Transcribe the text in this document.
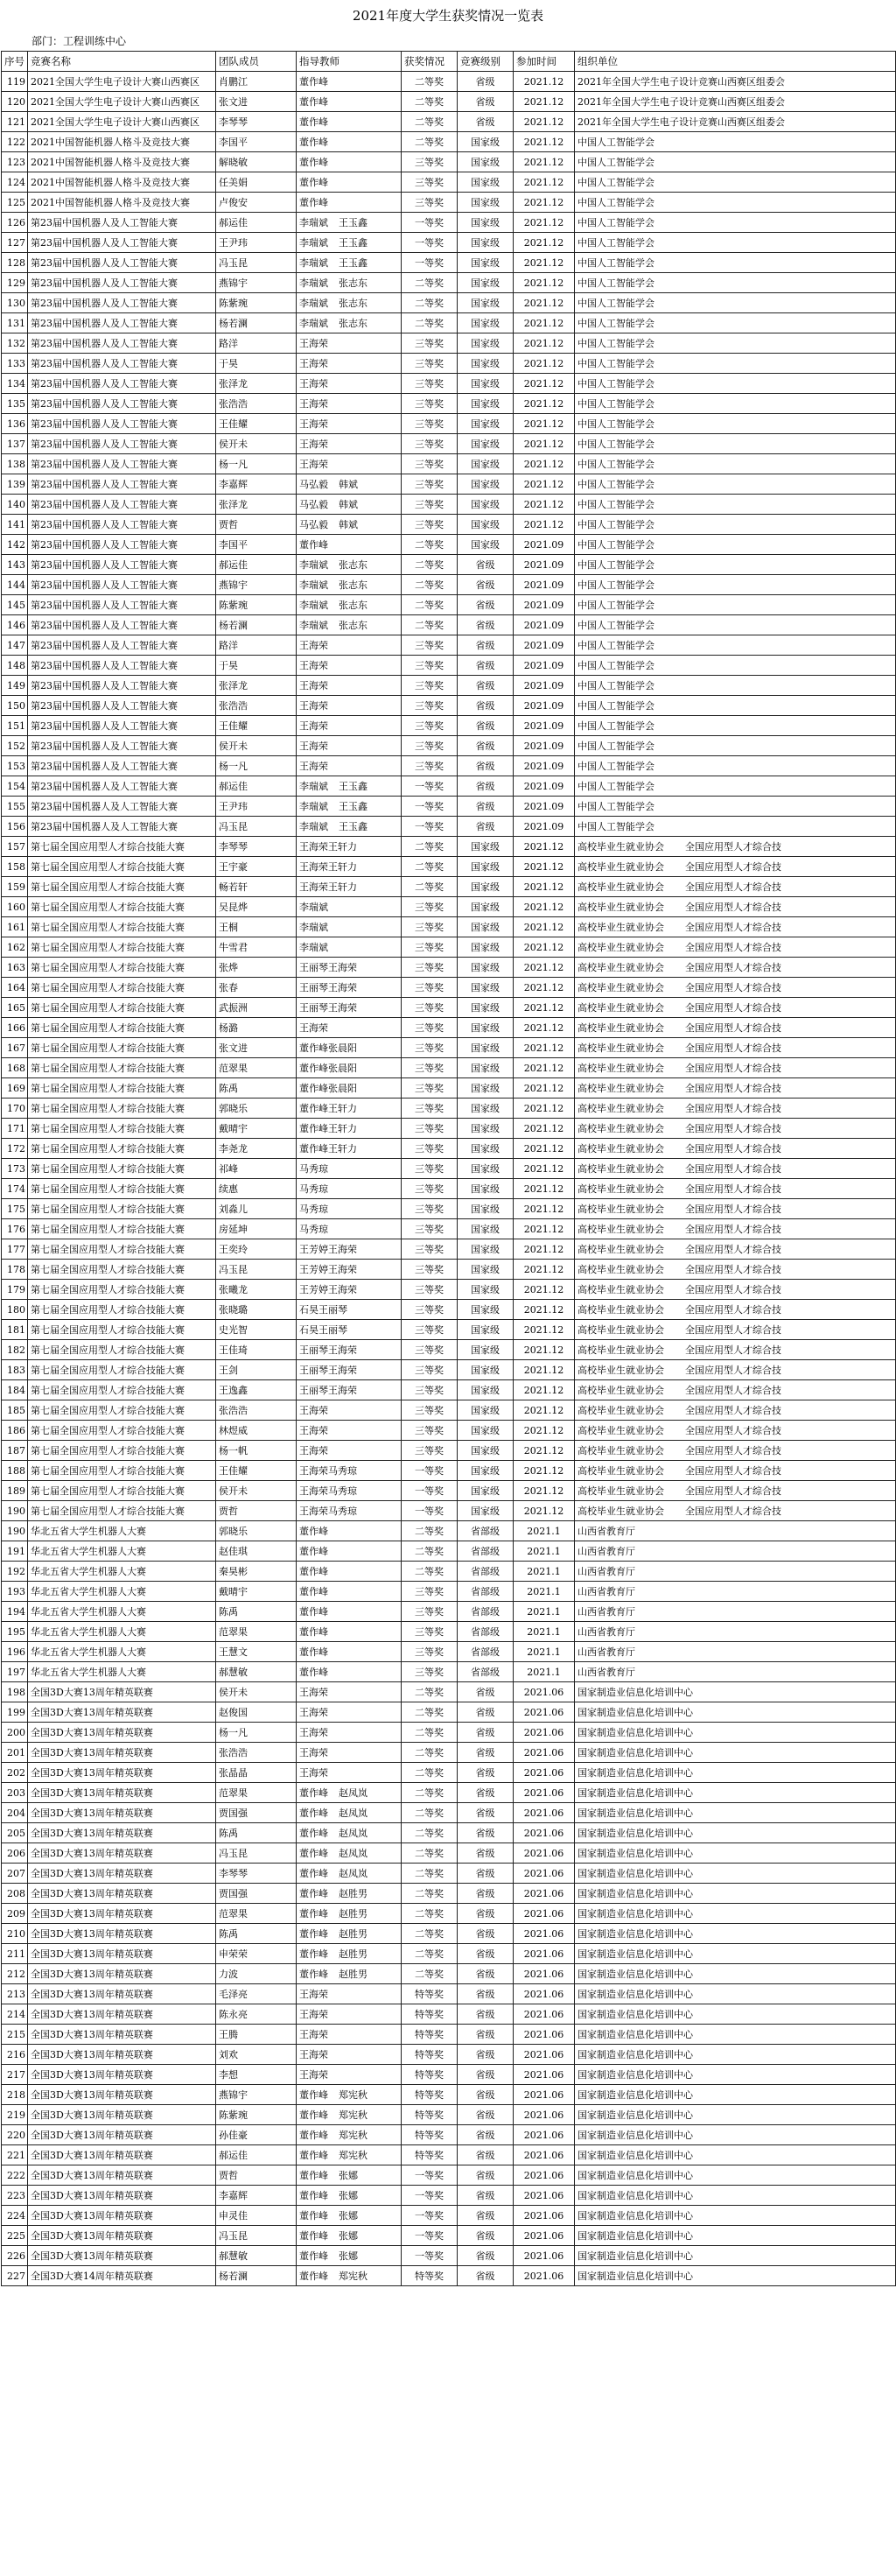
2021年度大学生获奖情况一览表
部门：工程训练中心
序号	竞赛名称	团队成员	指导教师	获奖情况	竞赛级别	参加时间	组织单位
119	2021全国大学生电子设计大赛山西赛区	肖鹏江	董作峰	二等奖	省级	2021.12	2021年全国大学生电子设计竞赛山西赛区组委会
120	2021全国大学生电子设计大赛山西赛区	张文进	董作峰	二等奖	省级	2021.12	2021年全国大学生电子设计竞赛山西赛区组委会
121	2021全国大学生电子设计大赛山西赛区	李琴琴	董作峰	二等奖	省级	2021.12	2021年全国大学生电子设计竞赛山西赛区组委会
122	2021中国智能机器人格斗及竞技大赛	李国平	董作峰	二等奖	国家级	2021.12	中国人工智能学会
123	2021中国智能机器人格斗及竞技大赛	解晓敏	董作峰	三等奖	国家级	2021.12	中国人工智能学会
124	2021中国智能机器人格斗及竞技大赛	任美娟	董作峰	三等奖	国家级	2021.12	中国人工智能学会
125	2021中国智能机器人格斗及竞技大赛	卢俊安	董作峰	三等奖	国家级	2021.12	中国人工智能学会
126	第23届中国机器人及人工智能大赛	郝运佳	李瑞斌 王玉鑫	一等奖	国家级	2021.12	中国人工智能学会
127	第23届中国机器人及人工智能大赛	王尹玮	李瑞斌 王玉鑫	一等奖	国家级	2021.12	中国人工智能学会
128	第23届中国机器人及人工智能大赛	冯玉昆	李瑞斌 王玉鑫	一等奖	国家级	2021.12	中国人工智能学会
129	第23届中国机器人及人工智能大赛	燕锦宇	李瑞斌 张志东	二等奖	国家级	2021.12	中国人工智能学会
130	第23届中国机器人及人工智能大赛	陈紫琬	李瑞斌 张志东	二等奖	国家级	2021.12	中国人工智能学会
131	第23届中国机器人及人工智能大赛	杨若澜	李瑞斌 张志东	二等奖	国家级	2021.12	中国人工智能学会
132	第23届中国机器人及人工智能大赛	路洋	王海荣	三等奖	国家级	2021.12	中国人工智能学会
133	第23届中国机器人及人工智能大赛	于昊	王海荣	三等奖	国家级	2021.12	中国人工智能学会
134	第23届中国机器人及人工智能大赛	张泽龙	王海荣	三等奖	国家级	2021.12	中国人工智能学会
135	第23届中国机器人及人工智能大赛	张浩浩	王海荣	三等奖	国家级	2021.12	中国人工智能学会
136	第23届中国机器人及人工智能大赛	王佳耀	王海荣	三等奖	国家级	2021.12	中国人工智能学会
137	第23届中国机器人及人工智能大赛	侯开未	王海荣	三等奖	国家级	2021.12	中国人工智能学会
138	第23届中国机器人及人工智能大赛	杨一凡	王海荣	三等奖	国家级	2021.12	中国人工智能学会
139	第23届中国机器人及人工智能大赛	李嘉辉	马弘毅 韩斌	三等奖	国家级	2021.12	中国人工智能学会
140	第23届中国机器人及人工智能大赛	张泽龙	马弘毅 韩斌	三等奖	国家级	2021.12	中国人工智能学会
141	第23届中国机器人及人工智能大赛	贾哲	马弘毅 韩斌	三等奖	国家级	2021.12	中国人工智能学会
142	第23届中国机器人及人工智能大赛	李国平	董作峰	二等奖	国家级	2021.09	中国人工智能学会
143	第23届中国机器人及人工智能大赛	郝运佳	李瑞斌 张志东	二等奖	省级	2021.09	中国人工智能学会
144	第23届中国机器人及人工智能大赛	燕锦宇	李瑞斌 张志东	二等奖	省级	2021.09	中国人工智能学会
145	第23届中国机器人及人工智能大赛	陈紫琬	李瑞斌 张志东	二等奖	省级	2021.09	中国人工智能学会
146	第23届中国机器人及人工智能大赛	杨若澜	李瑞斌 张志东	二等奖	省级	2021.09	中国人工智能学会
147	第23届中国机器人及人工智能大赛	路洋	王海荣	三等奖	省级	2021.09	中国人工智能学会
148	第23届中国机器人及人工智能大赛	于昊	王海荣	三等奖	省级	2021.09	中国人工智能学会
149	第23届中国机器人及人工智能大赛	张泽龙	王海荣	三等奖	省级	2021.09	中国人工智能学会
150	第23届中国机器人及人工智能大赛	张浩浩	王海荣	三等奖	省级	2021.09	中国人工智能学会
151	第23届中国机器人及人工智能大赛	王佳耀	王海荣	三等奖	省级	2021.09	中国人工智能学会
152	第23届中国机器人及人工智能大赛	侯开未	王海荣	三等奖	省级	2021.09	中国人工智能学会
153	第23届中国机器人及人工智能大赛	杨一凡	王海荣	三等奖	省级	2021.09	中国人工智能学会
154	第23届中国机器人及人工智能大赛	郝运佳	李瑞斌 王玉鑫	一等奖	省级	2021.09	中国人工智能学会
155	第23届中国机器人及人工智能大赛	王尹玮	李瑞斌 王玉鑫	一等奖	省级	2021.09	中国人工智能学会
156	第23届中国机器人及人工智能大赛	冯玉昆	李瑞斌 王玉鑫	一等奖	省级	2021.09	中国人工智能学会
157	第七届全国应用型人才综合技能大赛	李琴琴	王海荣王轩力	二等奖	国家级	2021.12	高校毕业生就业协会 全国应用型人才综合技
158	第七届全国应用型人才综合技能大赛	王宇豪	王海荣王轩力	二等奖	国家级	2021.12	高校毕业生就业协会 全国应用型人才综合技
159	第七届全国应用型人才综合技能大赛	畅若轩	王海荣王轩力	二等奖	国家级	2021.12	高校毕业生就业协会 全国应用型人才综合技
160	第七届全国应用型人才综合技能大赛	吴昆烨	李瑞斌	三等奖	国家级	2021.12	高校毕业生就业协会 全国应用型人才综合技
161	第七届全国应用型人才综合技能大赛	王桐	李瑞斌	三等奖	国家级	2021.12	高校毕业生就业协会 全国应用型人才综合技
162	第七届全国应用型人才综合技能大赛	牛雪君	李瑞斌	三等奖	国家级	2021.12	高校毕业生就业协会 全国应用型人才综合技
163	第七届全国应用型人才综合技能大赛	张烨	王丽琴王海荣	三等奖	国家级	2021.12	高校毕业生就业协会 全国应用型人才综合技
164	第七届全国应用型人才综合技能大赛	张春	王丽琴王海荣	三等奖	国家级	2021.12	高校毕业生就业协会 全国应用型人才综合技
165	第七届全国应用型人才综合技能大赛	武振洲	王丽琴王海荣	三等奖	国家级	2021.12	高校毕业生就业协会 全国应用型人才综合技
166	第七届全国应用型人才综合技能大赛	杨潞	王海荣	三等奖	国家级	2021.12	高校毕业生就业协会 全国应用型人才综合技
167	第七届全国应用型人才综合技能大赛	张文进	董作峰张晨阳	三等奖	国家级	2021.12	高校毕业生就业协会 全国应用型人才综合技
168	第七届全国应用型人才综合技能大赛	范翠果	董作峰张晨阳	三等奖	国家级	2021.12	高校毕业生就业协会 全国应用型人才综合技
169	第七届全国应用型人才综合技能大赛	陈禹	董作峰张晨阳	三等奖	国家级	2021.12	高校毕业生就业协会 全国应用型人才综合技
170	第七届全国应用型人才综合技能大赛	郭晓乐	董作峰王轩力	三等奖	国家级	2021.12	高校毕业生就业协会 全国应用型人才综合技
171	第七届全国应用型人才综合技能大赛	戴晴宇	董作峰王轩力	三等奖	国家级	2021.12	高校毕业生就业协会 全国应用型人才综合技
172	第七届全国应用型人才综合技能大赛	李尧龙	董作峰王轩力	三等奖	国家级	2021.12	高校毕业生就业协会 全国应用型人才综合技
173	第七届全国应用型人才综合技能大赛	祁峰	马秀琼	三等奖	国家级	2021.12	高校毕业生就业协会 全国应用型人才综合技
174	第七届全国应用型人才综合技能大赛	续惠	马秀琼	三等奖	国家级	2021.12	高校毕业生就业协会 全国应用型人才综合技
175	第七届全国应用型人才综合技能大赛	刘淼儿	马秀琼	三等奖	国家级	2021.12	高校毕业生就业协会 全国应用型人才综合技
176	第七届全国应用型人才综合技能大赛	房延坤	马秀琼	三等奖	国家级	2021.12	高校毕业生就业协会 全国应用型人才综合技
177	第七届全国应用型人才综合技能大赛	王奕玲	王芳婷王海荣	三等奖	国家级	2021.12	高校毕业生就业协会 全国应用型人才综合技
178	第七届全国应用型人才综合技能大赛	冯玉昆	王芳婷王海荣	三等奖	国家级	2021.12	高校毕业生就业协会 全国应用型人才综合技
179	第七届全国应用型人才综合技能大赛	张曦龙	王芳婷王海荣	三等奖	国家级	2021.12	高校毕业生就业协会 全国应用型人才综合技
180	第七届全国应用型人才综合技能大赛	张晓璐	石昊王丽琴	三等奖	国家级	2021.12	高校毕业生就业协会 全国应用型人才综合技
181	第七届全国应用型人才综合技能大赛	史光智	石昊王丽琴	三等奖	国家级	2021.12	高校毕业生就业协会 全国应用型人才综合技
182	第七届全国应用型人才综合技能大赛	王佳琦	王丽琴王海荣	三等奖	国家级	2021.12	高校毕业生就业协会 全国应用型人才综合技
183	第七届全国应用型人才综合技能大赛	王剑	王丽琴王海荣	三等奖	国家级	2021.12	高校毕业生就业协会 全国应用型人才综合技
184	第七届全国应用型人才综合技能大赛	王逸鑫	王丽琴王海荣	三等奖	国家级	2021.12	高校毕业生就业协会 全国应用型人才综合技
185	第七届全国应用型人才综合技能大赛	张浩浩	王海荣	三等奖	国家级	2021.12	高校毕业生就业协会 全国应用型人才综合技
186	第七届全国应用型人才综合技能大赛	林煜威	王海荣	三等奖	国家级	2021.12	高校毕业生就业协会 全国应用型人才综合技
187	第七届全国应用型人才综合技能大赛	杨一帆	王海荣	三等奖	国家级	2021.12	高校毕业生就业协会 全国应用型人才综合技
188	第七届全国应用型人才综合技能大赛	王佳耀	王海荣马秀琼	一等奖	国家级	2021.12	高校毕业生就业协会 全国应用型人才综合技
189	第七届全国应用型人才综合技能大赛	侯开未	王海荣马秀琼	一等奖	国家级	2021.12	高校毕业生就业协会 全国应用型人才综合技
190	第七届全国应用型人才综合技能大赛	贾哲	王海荣马秀琼	一等奖	国家级	2021.12	高校毕业生就业协会 全国应用型人才综合技
190	华北五省大学生机器人大赛	郭晓乐	董作峰	二等奖	省部级	2021.1	山西省教育厅
191	华北五省大学生机器人大赛	赵佳琪	董作峰	二等奖	省部级	2021.1	山西省教育厅
192	华北五省大学生机器人大赛	秦昊彬	董作峰	二等奖	省部级	2021.1	山西省教育厅
193	华北五省大学生机器人大赛	戴晴宇	董作峰	三等奖	省部级	2021.1	山西省教育厅
194	华北五省大学生机器人大赛	陈禹	董作峰	三等奖	省部级	2021.1	山西省教育厅
195	华北五省大学生机器人大赛	范翠果	董作峰	三等奖	省部级	2021.1	山西省教育厅
196	华北五省大学生机器人大赛	王慧文	董作峰	三等奖	省部级	2021.1	山西省教育厅
197	华北五省大学生机器人大赛	郝慧敏	董作峰	三等奖	省部级	2021.1	山西省教育厅
198	全国3D大赛13周年精英联赛	侯开未	王海荣	二等奖	省级	2021.06	国家制造业信息化培训中心
199	全国3D大赛13周年精英联赛	赵俊国	王海荣	二等奖	省级	2021.06	国家制造业信息化培训中心
200	全国3D大赛13周年精英联赛	杨一凡	王海荣	二等奖	省级	2021.06	国家制造业信息化培训中心
201	全国3D大赛13周年精英联赛	张浩浩	王海荣	二等奖	省级	2021.06	国家制造业信息化培训中心
202	全国3D大赛13周年精英联赛	张晶晶	王海荣	二等奖	省级	2021.06	国家制造业信息化培训中心
203	全国3D大赛13周年精英联赛	范翠果	董作峰 赵凤岚	二等奖	省级	2021.06	国家制造业信息化培训中心
204	全国3D大赛13周年精英联赛	贾国强	董作峰 赵凤岚	二等奖	省级	2021.06	国家制造业信息化培训中心
205	全国3D大赛13周年精英联赛	陈禹	董作峰 赵凤岚	二等奖	省级	2021.06	国家制造业信息化培训中心
206	全国3D大赛13周年精英联赛	冯玉昆	董作峰 赵凤岚	二等奖	省级	2021.06	国家制造业信息化培训中心
207	全国3D大赛13周年精英联赛	李琴琴	董作峰 赵凤岚	二等奖	省级	2021.06	国家制造业信息化培训中心
208	全国3D大赛13周年精英联赛	贾国强	董作峰 赵胜男	二等奖	省级	2021.06	国家制造业信息化培训中心
209	全国3D大赛13周年精英联赛	范翠果	董作峰 赵胜男	二等奖	省级	2021.06	国家制造业信息化培训中心
210	全国3D大赛13周年精英联赛	陈禹	董作峰 赵胜男	二等奖	省级	2021.06	国家制造业信息化培训中心
211	全国3D大赛13周年精英联赛	申荣荣	董作峰 赵胜男	二等奖	省级	2021.06	国家制造业信息化培训中心
212	全国3D大赛13周年精英联赛	力波	董作峰 赵胜男	二等奖	省级	2021.06	国家制造业信息化培训中心
213	全国3D大赛13周年精英联赛	毛泽亮	王海荣	特等奖	省级	2021.06	国家制造业信息化培训中心
214	全国3D大赛13周年精英联赛	陈永亮	王海荣	特等奖	省级	2021.06	国家制造业信息化培训中心
215	全国3D大赛13周年精英联赛	王腾	王海荣	特等奖	省级	2021.06	国家制造业信息化培训中心
216	全国3D大赛13周年精英联赛	刘欢	王海荣	特等奖	省级	2021.06	国家制造业信息化培训中心
217	全国3D大赛13周年精英联赛	李想	王海荣	特等奖	省级	2021.06	国家制造业信息化培训中心
218	全国3D大赛13周年精英联赛	燕锦宇	董作峰 郑宪秋	特等奖	省级	2021.06	国家制造业信息化培训中心
219	全国3D大赛13周年精英联赛	陈紫琬	董作峰 郑宪秋	特等奖	省级	2021.06	国家制造业信息化培训中心
220	全国3D大赛13周年精英联赛	孙佳豪	董作峰 郑宪秋	特等奖	省级	2021.06	国家制造业信息化培训中心
221	全国3D大赛13周年精英联赛	郝运佳	董作峰 郑宪秋	特等奖	省级	2021.06	国家制造业信息化培训中心
222	全国3D大赛13周年精英联赛	贾哲	董作峰 张娜	一等奖	省级	2021.06	国家制造业信息化培训中心
223	全国3D大赛13周年精英联赛	李嘉辉	董作峰 张娜	一等奖	省级	2021.06	国家制造业信息化培训中心
224	全国3D大赛13周年精英联赛	申灵佳	董作峰 张娜	一等奖	省级	2021.06	国家制造业信息化培训中心
225	全国3D大赛13周年精英联赛	冯玉昆	董作峰 张娜	一等奖	省级	2021.06	国家制造业信息化培训中心
226	全国3D大赛13周年精英联赛	郝慧敏	董作峰 张娜	一等奖	省级	2021.06	国家制造业信息化培训中心
227	全国3D大赛14周年精英联赛	杨若澜	董作峰 郑宪秋	特等奖	省级	2021.06	国家制造业信息化培训中心
